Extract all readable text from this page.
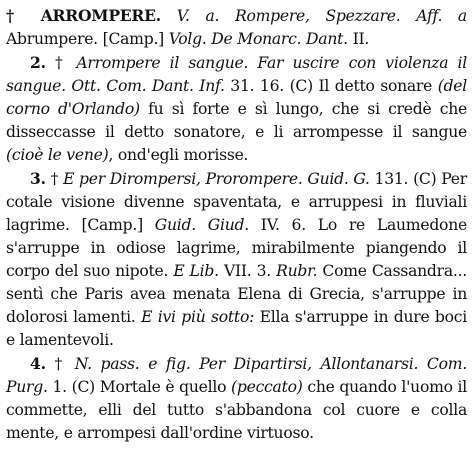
† ARROMPERE. V. a. Rompere, Spezzare. Aff. a Abrumpere. [Camp.] Volg. De Monarc. Dant. II.

2. † Arrompere il sangue. Far uscire con violenza il sangue. Ott. Com. Dant. Inf. 31. 16. (C) Il detto sonare (del corno d'Orlando) fu sì forte e sì lungo, che si credè che disseccasse il detto sonatore, e li arrompesse il sangue (cioè le vene), ond'egli morisse.

3. † E per Dirompersi, Prorompere. Guid. G. 131. (C) Per cotale visione divenne spaventata, e arruppesi in fluviali lagrime. [Camp.] Guid. Giud. IV. 6. Lo re Laumedone s'arruppe in odiose lagrime, mirabilmente piangendo il corpo del suo nipote. E Lib. VII. 3. Rubr. Come Cassandra... sentì che Paris avea menata Elena di Grecia, s'arruppe in dolorosi lamenti. E ivi più sotto: Ella s'arruppe in dure boci e lamentevoli.

4. † N. pass. e fig. Per Dipartirsi, Allontanarsi. Com. Purg. 1. (C) Mortale è quello (peccato) che quando l'uomo il commette, elli del tutto s'abbandona col cuore e colla mente, e arrompesi dall'ordine virtuoso.
